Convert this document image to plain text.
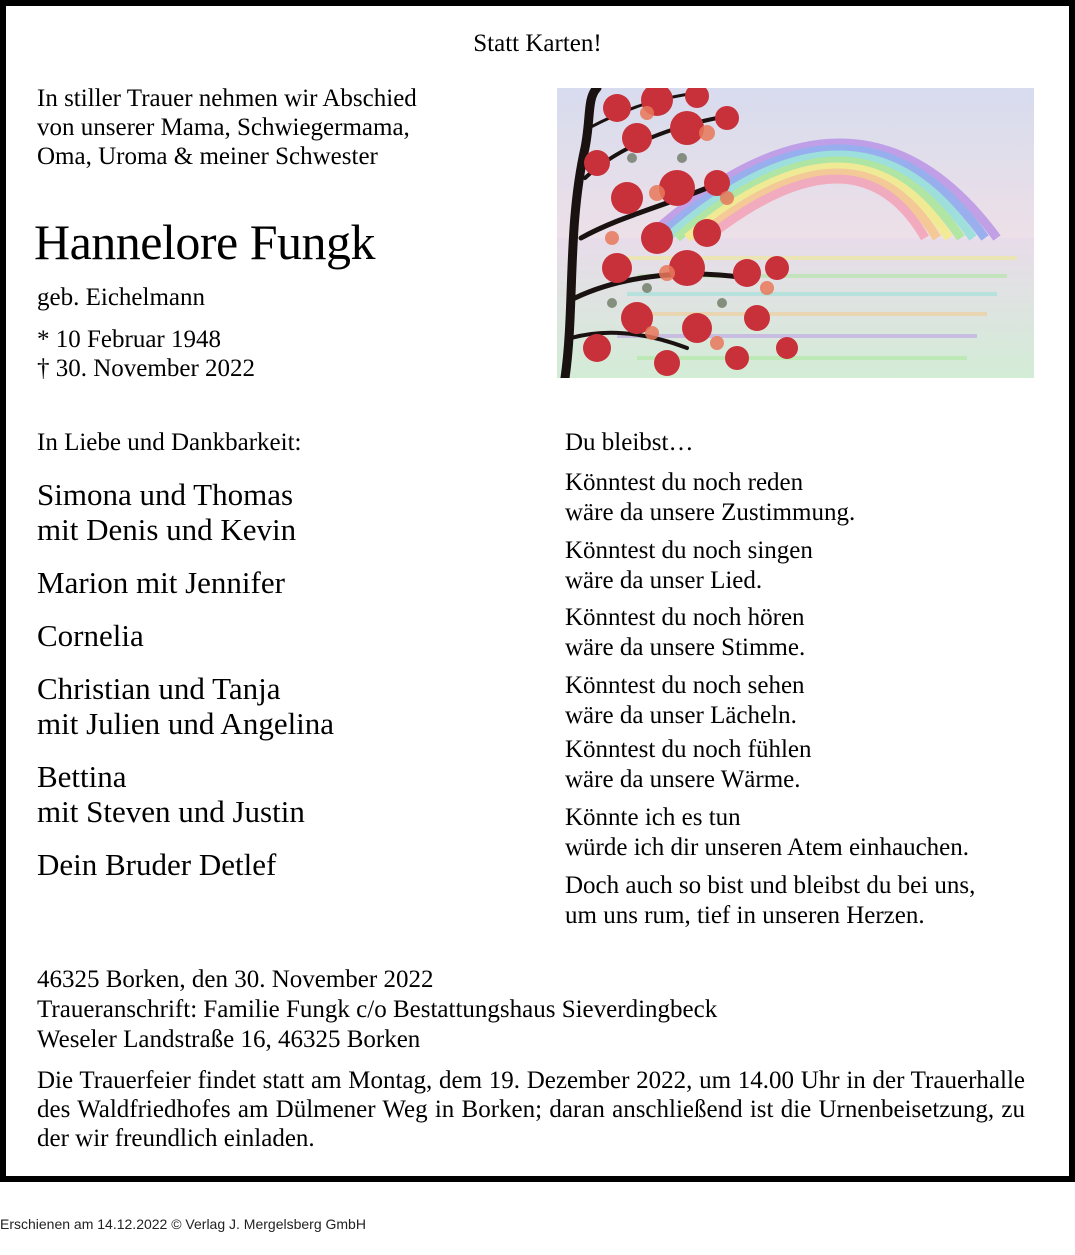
Statt Karten!
In stiller Trauer nehmen wir Abschied
von unserer Mama, Schwiegermama,
Oma, Uroma & meiner Schwester
Hannelore Fungk
geb. Eichelmann
* 10 Februar 1948
† 30. November 2022
In Liebe und Dankbarkeit:
Simona und Thomas
mit Denis und Kevin
Marion mit Jennifer
Cornelia
Christian und Tanja
mit Julien und Angelina
Bettina
mit Steven und Justin
Dein Bruder Detlef
Du bleibst…
Könntest du noch reden
wäre da unsere Zustimmung.
Könntest du noch singen
wäre da unser Lied.
Könntest du noch hören
wäre da unsere Stimme.
Könntest du noch sehen
wäre da unser Lächeln.
Könntest du noch fühlen
wäre da unsere Wärme.
Könnte ich es tun
würde ich dir unseren Atem einhauchen.
Doch auch so bist und bleibst du bei uns,
um uns rum, tief in unseren Herzen.
46325 Borken, den 30. November 2022
Traueranschrift: Familie Fungk c/o Bestattungshaus Sieverdingbeck
Weseler Landstraße 16, 46325 Borken
Die Trauerfeier findet statt am Montag, dem 19. Dezember 2022, um 14.00 Uhr in der Trauerhalle des Waldfriedhofes am Dülmener Weg in Borken; daran anschließend ist die Urnenbeisetzung, zu der wir freundlich einladen.
Erschienen am 14.12.2022 © Verlag J. Mergelsberg GmbH
